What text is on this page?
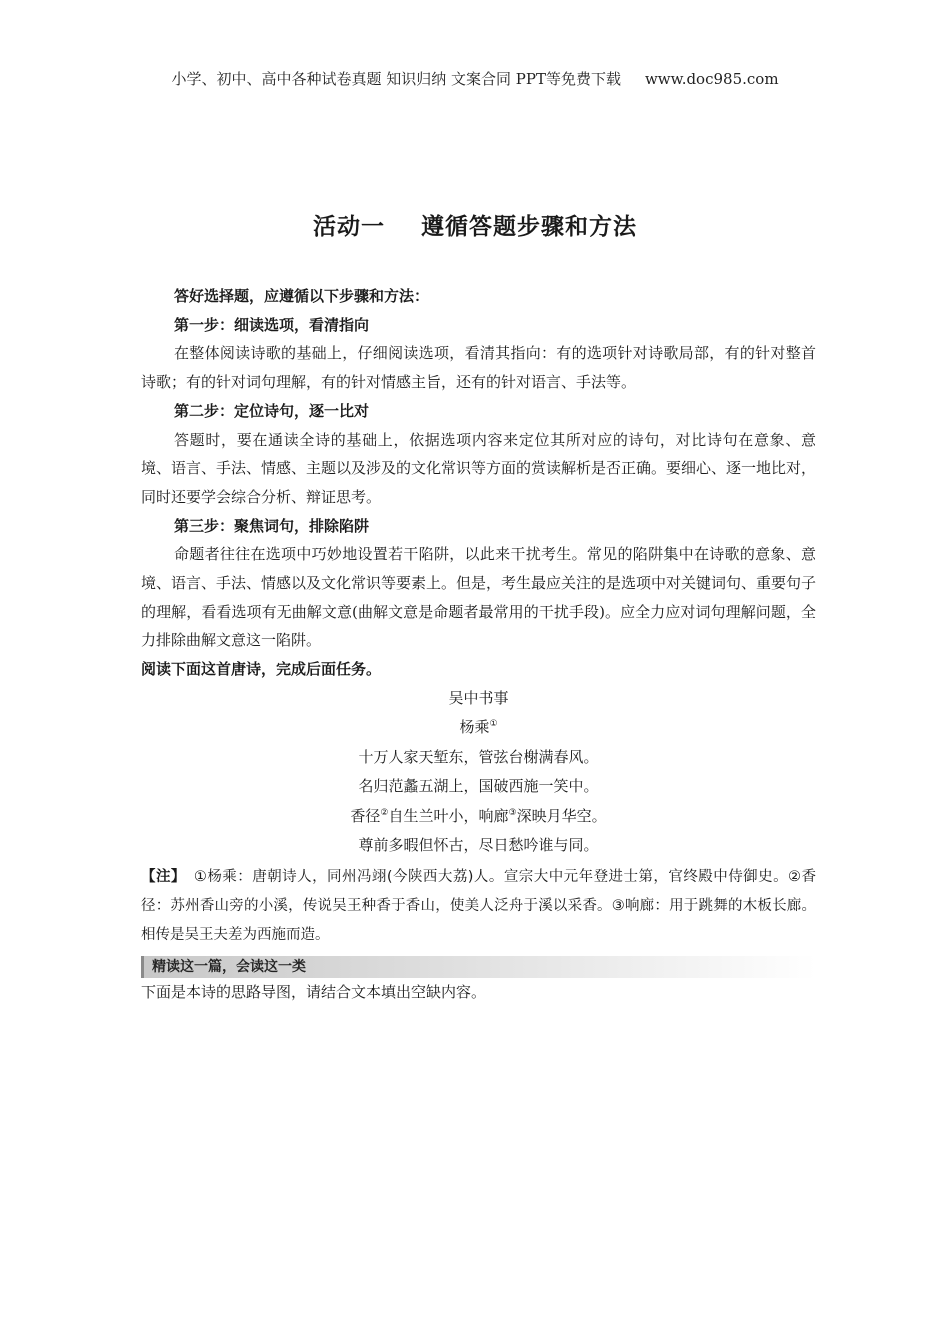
小学、初中、高中各种试卷真题 知识归纳 文案合同 PPT等免费下载 www.doc985.com
活动一    遵循答题步骤和方法

答好选择题，应遵循以下步骤和方法：

第一步：细读选项，看清指向

在整体阅读诗歌的基础上，仔细阅读选项，看清其指向：有的选项针对诗歌局部，有的针对整首诗歌；有的针对词句理解，有的针对情感主旨，还有的针对语言、手法等。

第二步：定位诗句，逐一比对

答题时，要在通读全诗的基础上，依据选项内容来定位其所对应的诗句，对比诗句在意象、意境、语言、手法、情感、主题以及涉及的文化常识等方面的赏读解析是否正确。要细心、逐一地比对，同时还要学会综合分析、辩证思考。

第三步：聚焦词句，排除陷阱

命题者往往在选项中巧妙地设置若干陷阱，以此来干扰考生。常见的陷阱集中在诗歌的意象、意境、语言、手法、情感以及文化常识等要素上。但是，考生最应关注的是选项中对关键词句、重要句子的理解，看看选项有无曲解文意(曲解文意是命题者最常用的干扰手段)。应全力应对词句理解问题，全力排除曲解文意这一陷阱。

阅读下面这首唐诗，完成后面任务。

吴中书事
杨乘①
十万人家天堑东，管弦台榭满春风。
名归范蠡五湖上，国破西施一笑中。
香径②自生兰叶小，响廊③深映月华空。
尊前多暇但怀古，尽日愁吟谁与同。
【注】 ①杨乘：唐朝诗人，同州冯翊(今陕西大荔)人。宣宗大中元年登进士第，官终殿中侍御史。②香径：苏州香山旁的小溪，传说吴王种香于香山，使美人泛舟于溪以采香。③响廊：用于跳舞的木板长廊。相传是吴王夫差为西施而造。
精读这一篇，会读这一类

下面是本诗的思路导图，请结合文本填出空缺内容。
